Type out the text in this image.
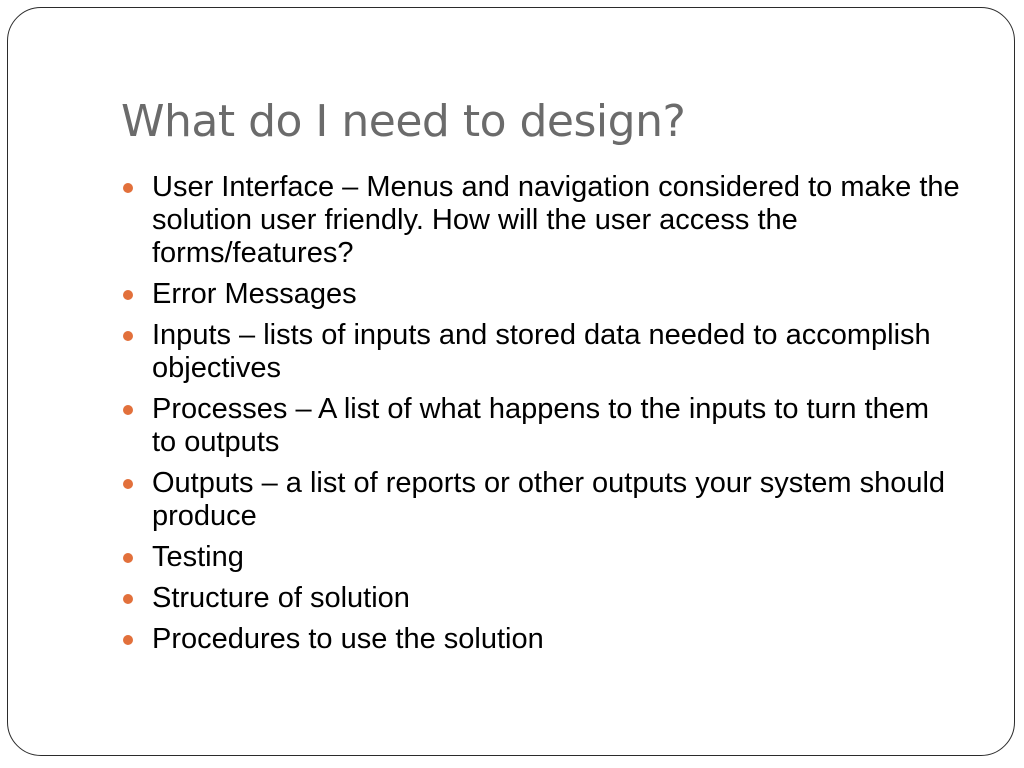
What do I need to design?
User Interface – Menus and navigation considered to make the solution user friendly. How will the user access the forms/features?
Error Messages
Inputs – lists of inputs and stored data needed to accomplish objectives
Processes – A list of what happens to the inputs to turn them to outputs
Outputs – a list of reports or other outputs your system should produce
Testing
Structure of solution
Procedures to use the solution
